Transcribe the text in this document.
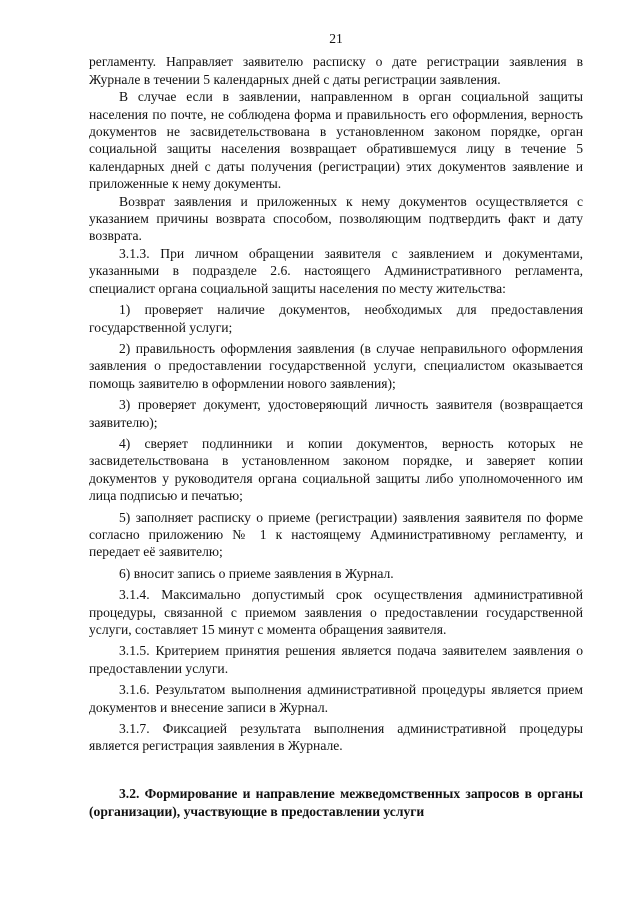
21

регламенту. Направляет заявителю расписку о дате регистрации заявления в Журнале в течении 5 календарных дней с даты регистрации заявления.

В случае если в заявлении, направленном в орган социальной защиты населения по почте, не соблюдена форма и правильность его оформления, верность документов не засвидетельствована в установленном законом порядке, орган социальной защиты населения возвращает обратившемуся лицу в течение 5 календарных дней с даты получения (регистрации) этих документов заявление и приложенные к нему документы.

Возврат заявления и приложенных к нему документов осуществляется с указанием причины возврата способом, позволяющим подтвердить факт и дату возврата.

3.1.3. При личном обращении заявителя с заявлением и документами, указанными в подразделе 2.6. настоящего Административного регламента, специалист органа социальной защиты населения по месту жительства:

1) проверяет наличие документов, необходимых для предоставления государственной услуги;

2) правильность оформления заявления (в случае неправильного оформления заявления о предоставлении государственной услуги, специалистом оказывается помощь заявителю в оформлении нового заявления);

3) проверяет документ, удостоверяющий личность заявителя (возвращается заявителю);

4) сверяет подлинники и копии документов, верность которых не засвидетельствована в установленном законом порядке, и заверяет копии документов у руководителя органа социальной защиты либо уполномоченного им лица подписью и печатью;

5) заполняет расписку о приеме (регистрации) заявления заявителя по форме согласно приложению № 1 к настоящему Административному регламенту, и передает её заявителю;

6) вносит запись о приеме заявления в Журнал.

3.1.4. Максимально допустимый срок осуществления административной процедуры, связанной с приемом заявления о предоставлении государственной услуги, составляет 15 минут с момента обращения заявителя.

3.1.5. Критерием принятия решения является подача заявителем заявления о предоставлении услуги.

3.1.6. Результатом выполнения административной процедуры является прием документов и внесение записи в Журнал.

3.1.7. Фиксацией результата выполнения административной процедуры является регистрация заявления в Журнале.

3.2. Формирование и направление межведомственных запросов в органы (организации), участвующие в предоставлении услуги
